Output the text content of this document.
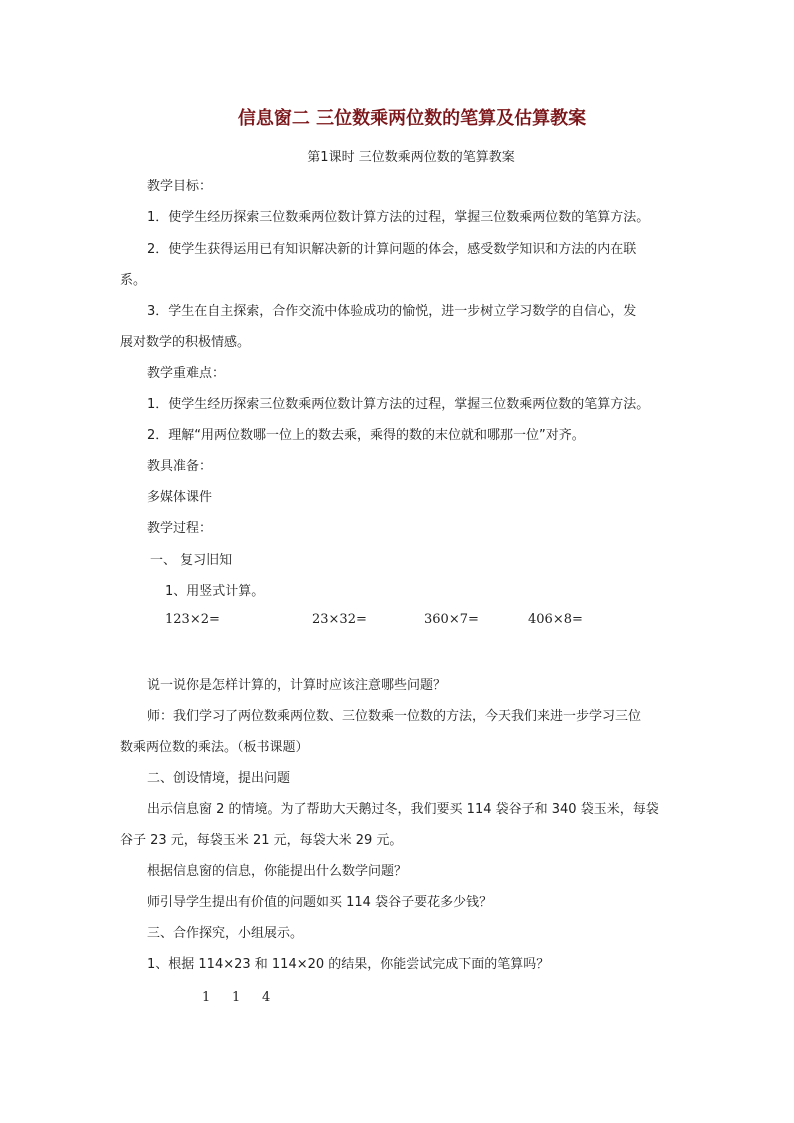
信息窗二 三位数乘两位数的笔算及估算教案
第1课时 三位数乘两位数的笔算教案
教学目标：
1．使学生经历探索三位数乘两位数计算方法的过程，掌握三位数乘两位数的笔算方法。
2．使学生获得运用已有知识解决新的计算问题的体会，感受数学知识和方法的内在联
系。
3．学生在自主探索，合作交流中体验成功的愉悦，进一步树立学习数学的自信心，发
展对数学的积极情感。
教学重难点：
1．使学生经历探索三位数乘两位数计算方法的过程，掌握三位数乘两位数的笔算方法。
2．理解“用两位数哪一位上的数去乘，乘得的数的末位就和哪那一位”对齐。
教具准备：
多媒体课件
教学过程：
一、 复习旧知
1、用竖式计算。
123×2=	23×32=	360×7=	406×8=
说一说你是怎样计算的，计算时应该注意哪些问题？
师：我们学习了两位数乘两位数、三位数乘一位数的方法，今天我们来进一步学习三位
数乘两位数的乘法。（板书课题）
二、创设情境，提出问题
出示信息窗 2 的情境。为了帮助大天鹅过冬，我们要买 114 袋谷子和 340 袋玉米，每袋
谷子 23 元，每袋玉米 21 元，每袋大米 29 元。
根据信息窗的信息，你能提出什么数学问题？
师引导学生提出有价值的问题如买 114 袋谷子要花多少钱？
三、合作探究，小组展示。
1、根据 114×23 和 114×20 的结果，你能尝试完成下面的笔算吗？
1 1 4
